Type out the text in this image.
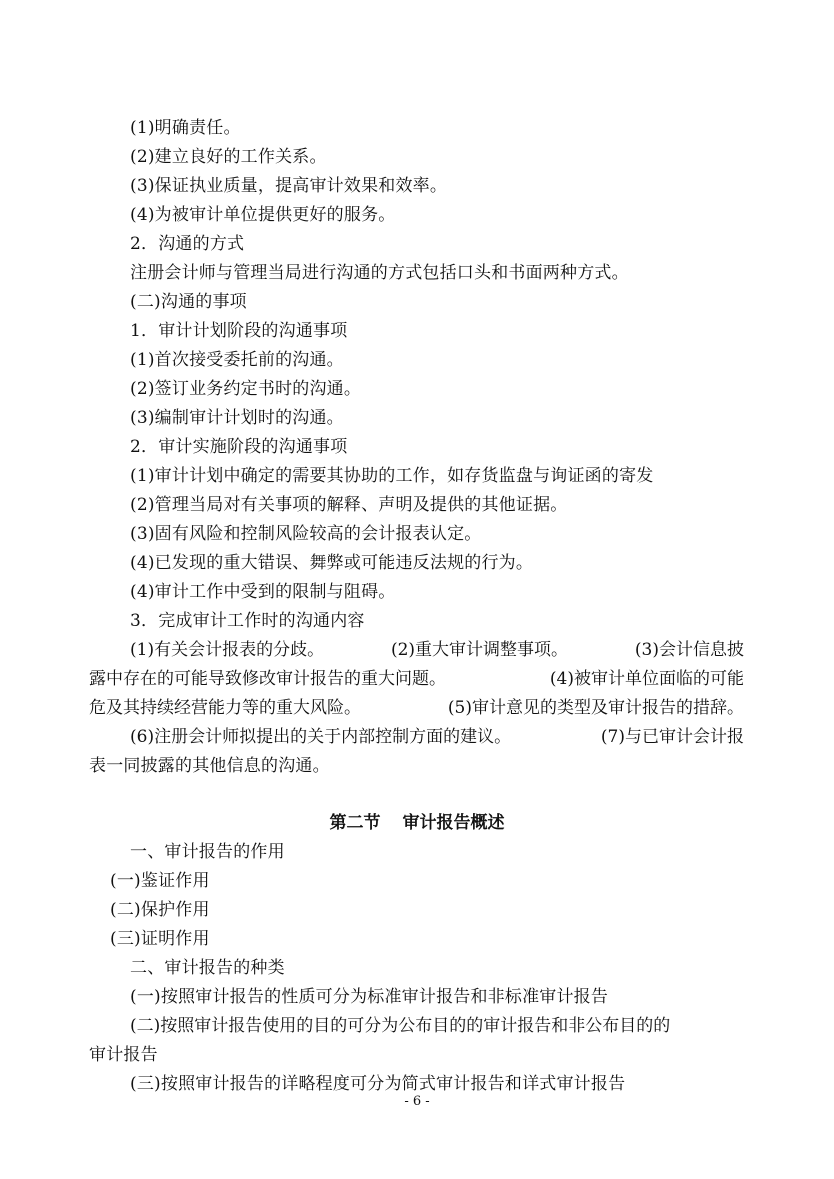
(1)明确责任。
(2)建立良好的工作关系。
(3)保证执业质量，提高审计效果和效率。
(4)为被审计单位提供更好的服务。
2．沟通的方式
注册会计师与管理当局进行沟通的方式包括口头和书面两种方式。
(二)沟通的事项
1．审计计划阶段的沟通事项
(1)首次接受委托前的沟通。
(2)签订业务约定书时的沟通。
(3)编制审计计划时的沟通。
2．审计实施阶段的沟通事项
(1)审计计划中确定的需要其协助的工作，如存货监盘与询证函的寄发
(2)管理当局对有关事项的解释、声明及提供的其他证据。
(3)固有风险和控制风险较高的会计报表认定。
(4)已发现的重大错误、舞弊或可能违反法规的行为。
(4)审计工作中受到的限制与阻碍。
3．完成审计工作时的沟通内容
(1)有关会计报表的分歧。	(2)重大审计调整事项。	(3)会计信息披
露中存在的可能导致修改审计报告的重大问题。	(4)被审计单位面临的可能
危及其持续经营能力等的重大风险。	(5)审计意见的类型及审计报告的措辞。
(6)注册会计师拟提出的关于内部控制方面的建议。	(7)与已审计会计报
表一同披露的其他信息的沟通。
第二节 审计报告概述
一、审计报告的作用
(一)鉴证作用
(二)保护作用
(三)证明作用
二、审计报告的种类
(一)按照审计报告的性质可分为标准审计报告和非标准审计报告
(二)按照审计报告使用的目的可分为公布目的的审计报告和非公布目的的
审计报告
(三)按照审计报告的详略程度可分为简式审计报告和详式审计报告
- 6 -
